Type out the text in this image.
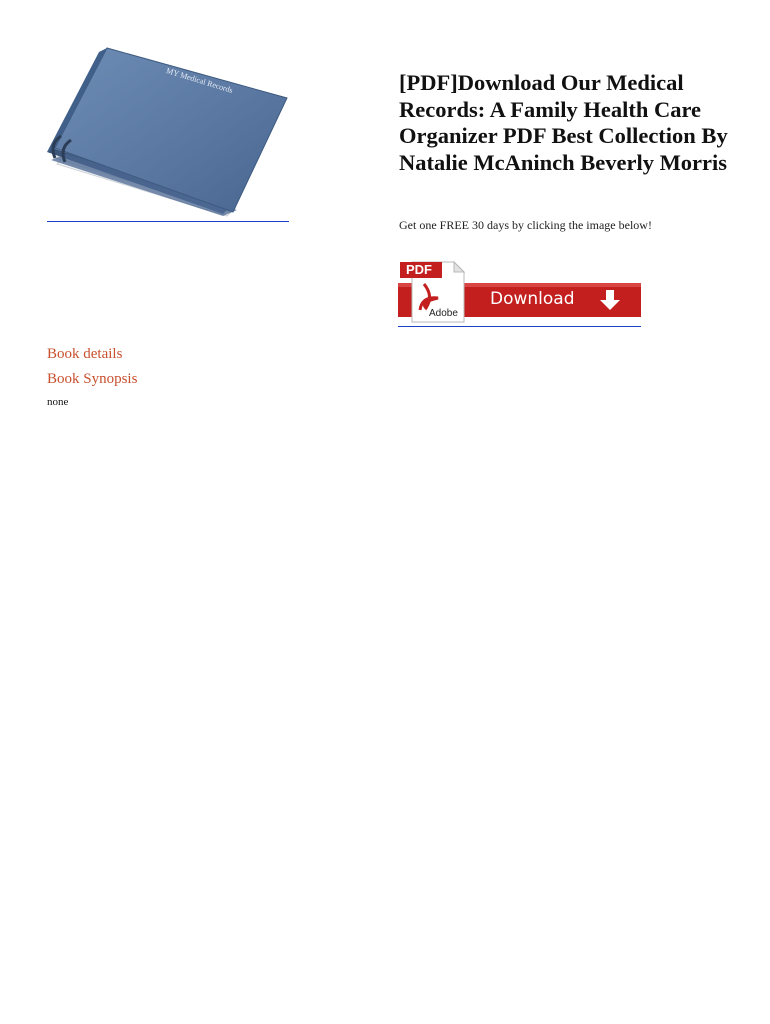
MY Medical Records	[PDF]Download Our Medical Records: A Family Health Care Organizer PDF Best Collection By Natalie McAninch Beverly Morris

Get one FREE 30 days by clicking the image below!

PDF
Adobe
Download
Book details
Book Synopsis

none
